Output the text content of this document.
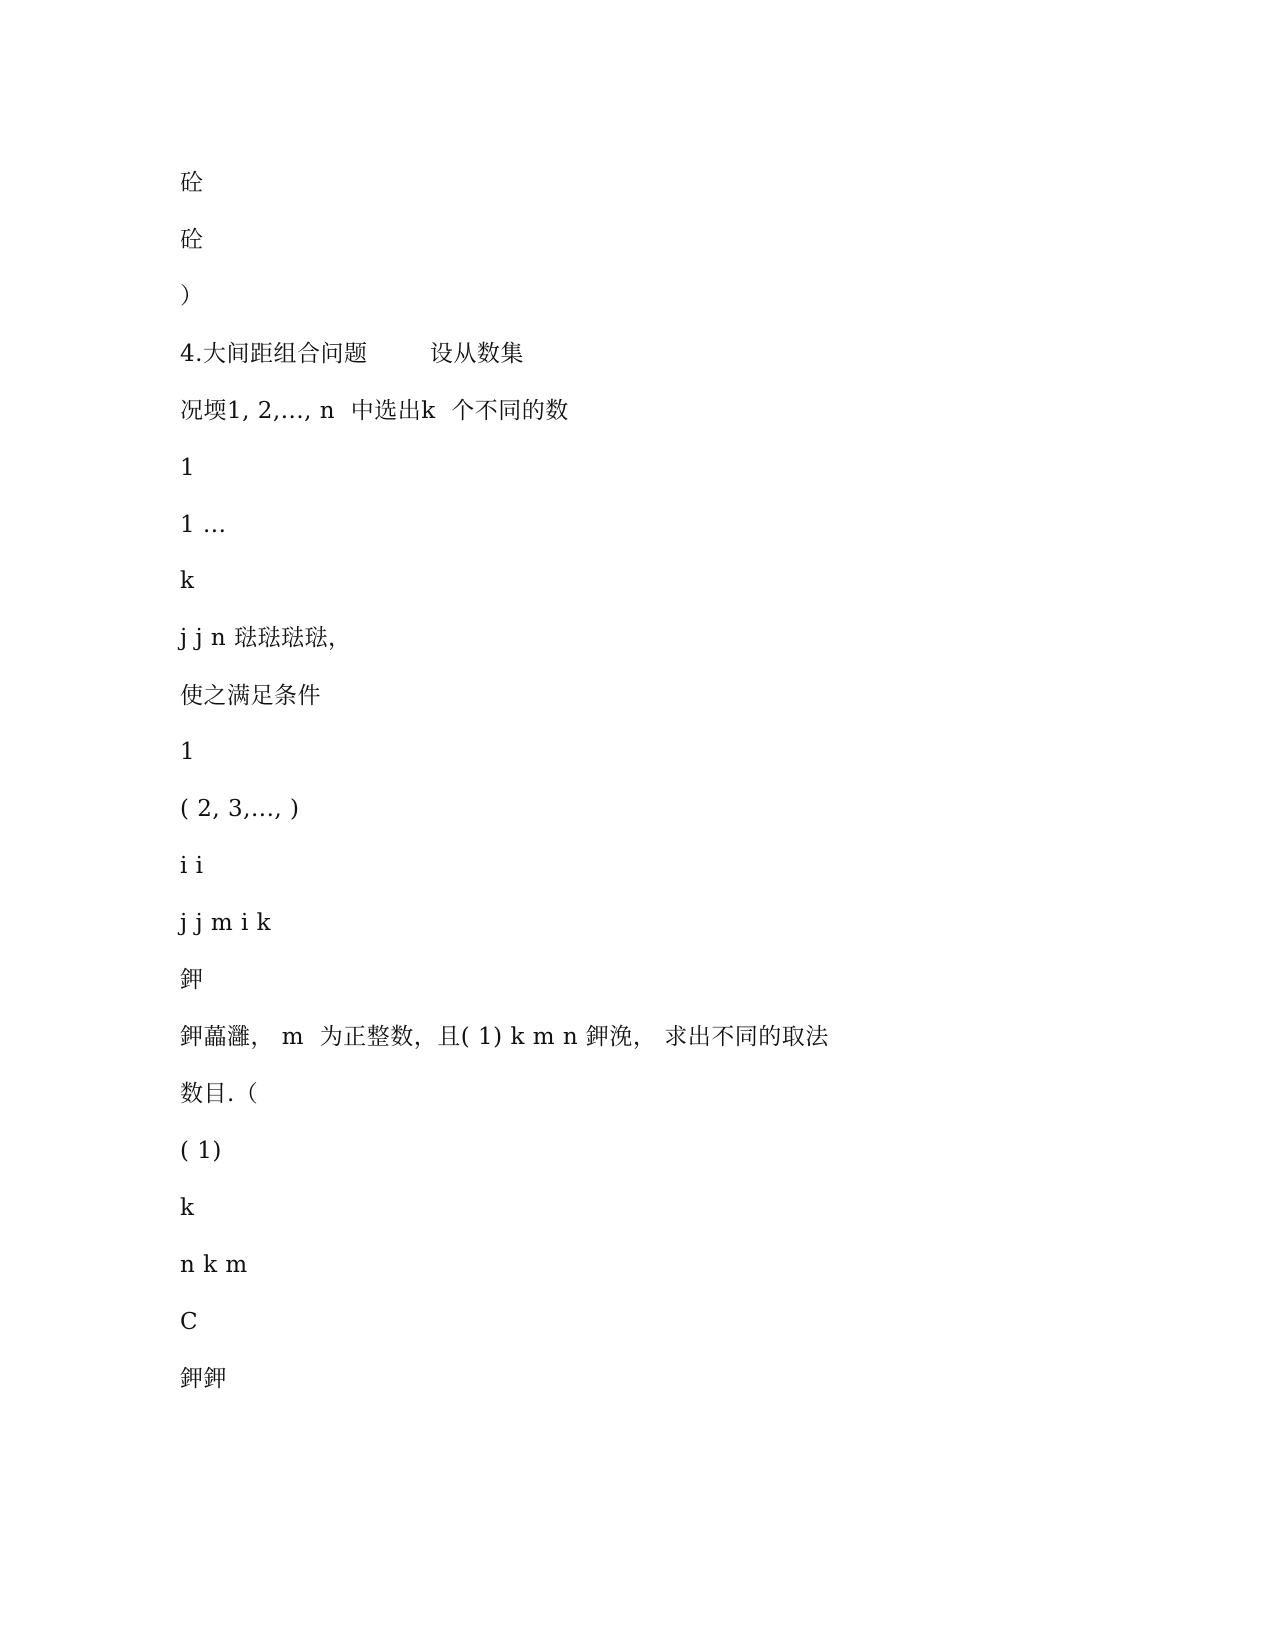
砼
砼
）
4.大间距组合问题        设从数集
况堧1, 2,..., n  中选出k  个不同的数
1
1 ...
k
j j n 琺琺琺琺，
使之满足条件
1
( 2, 3,..., )
i i
j j m i k
鉀
鉀藟灉， m  为正整数，且( 1) k m n 鉀浼， 求出不同的取法
数目.（
( 1)
k
n k m
C
鉀鉀
